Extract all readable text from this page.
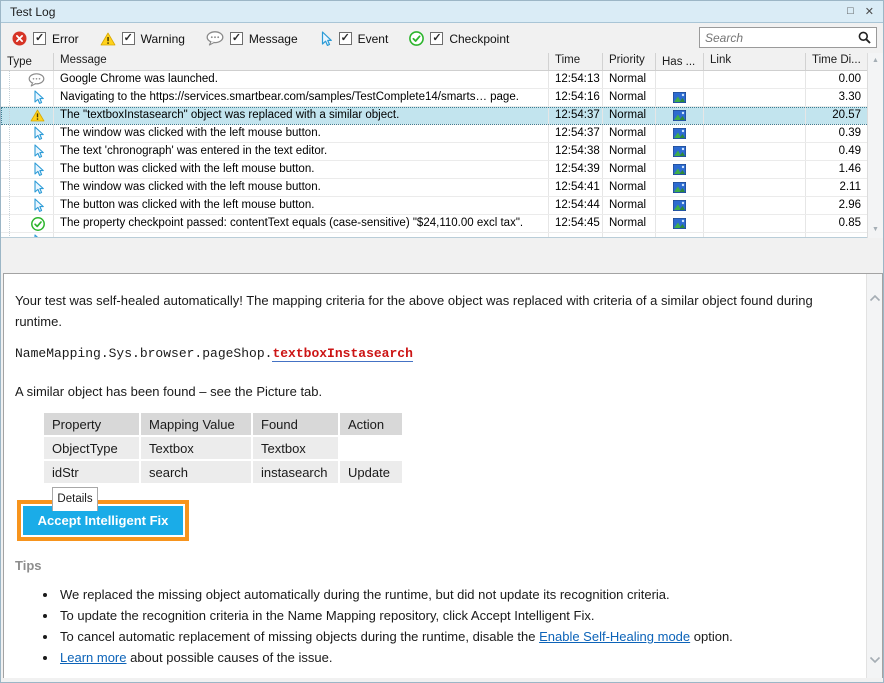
Test Log	□ ✕
✓
Error ✓	Warning ✓	Message ✓	Event ✓	Checkpoint
Search
Type	Message	Time	Priority	Has ...	Link	Time Di...
Google Chrome was launched.	12:54:13 Normal	0.00
Navigating to the https://services.smartbear.com/samples/TestComplete14/smarts… page.	12:54:16 Normal	3.30
The "textboxInstasearch" object was replaced with a similar object.	12:54:37 Normal	20.57
The window was clicked with the left mouse button.	12:54:37 Normal	0.39
The text 'chronograph' was entered in the text editor.	12:54:38 Normal	0.49
The button was clicked with the left mouse button.	12:54:39 Normal	1.46
The window was clicked with the left mouse button.	12:54:41 Normal	2.11
The button was clicked with the left mouse button.	12:54:44 Normal	2.96
The property checkpoint passed: contentText equals (case-sensitive) "$24,110.00 excl tax".	12:54:45 Normal	0.85
▲
▼
Details
Your test was self-healed automatically! The mapping criteria for the above object was replaced with criteria of a similar object found during runtime.
NameMapping.Sys.browser.pageShop.textboxInstasearch
A similar object has been found – see the Picture tab.
Property	Mapping Value	Found	Action
ObjectType	Textbox	Textbox	
idStr	search	instasearch	Update
Accept Intelligent Fix
Tips
• We replaced the missing object automatically during the runtime, but did not update its recognition criteria.
• To update the recognition criteria in the Name Mapping repository, click Accept Intelligent Fix.
• To cancel automatic replacement of missing objects during the runtime, disable the Enable Self-Healing mode option.
• Learn more about possible causes of the issue.
